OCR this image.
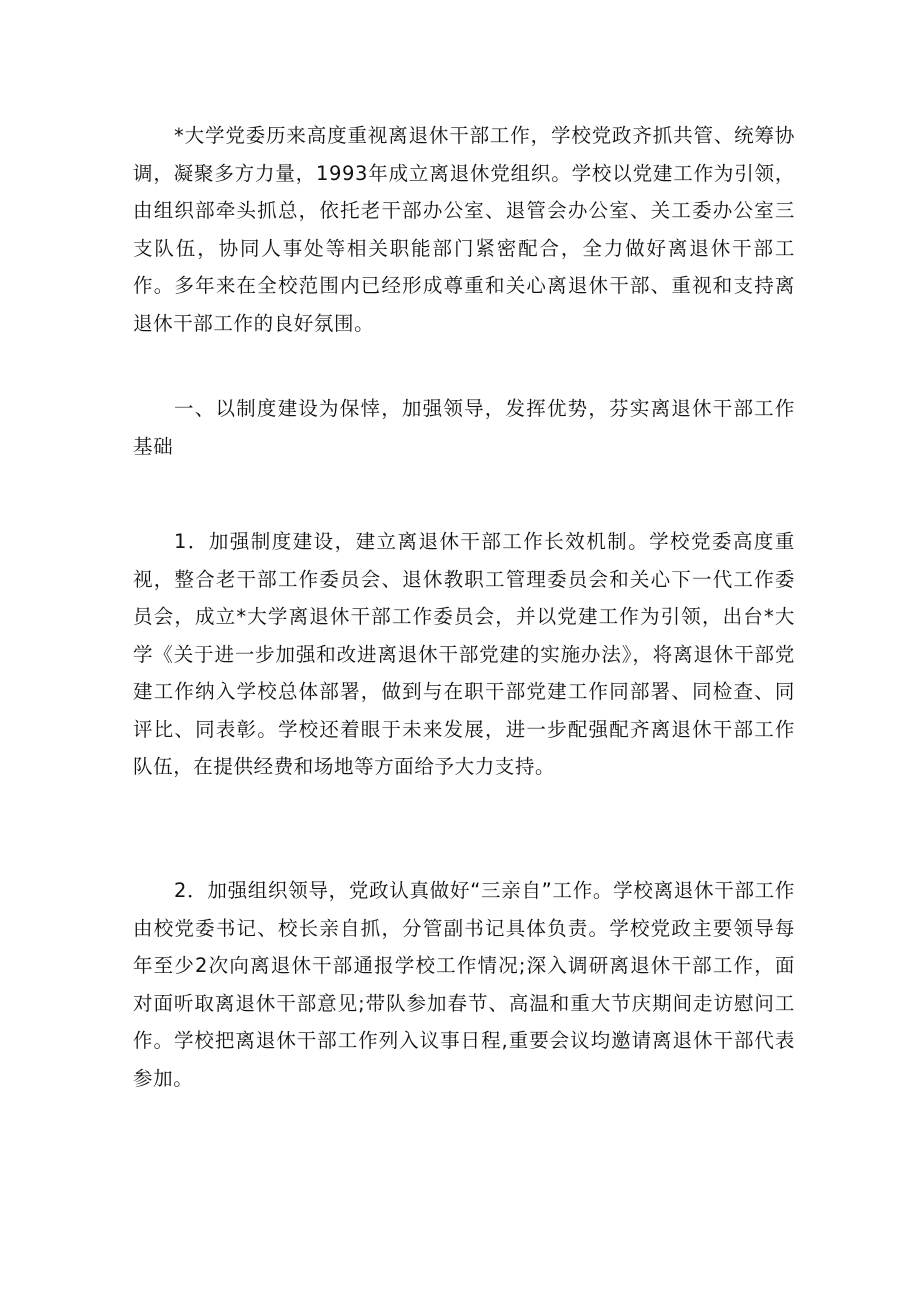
*大学党委历来高度重视离退休干部工作，学校党政齐抓共管、统筹协调，凝聚多方力量，1993年成立离退休党组织。学校以党建工作为引领，由组织部牵头抓总，依托老干部办公室、退管会办公室、关工委办公室三支队伍，协同人事处等相关职能部门紧密配合，全力做好离退休干部工作。多年来在全校范围内已经形成尊重和关心离退休干部、重视和支持离退休干部工作的良好氛围。

一、以制度建设为保悻，加强领导，发挥优势，芬实离退休干部工作基础

1．加强制度建设，建立离退休干部工作长效机制。学校党委高度重视，整合老干部工作委员会、退休教职工管理委员会和关心下一代工作委员会，成立*大学离退休干部工作委员会，并以党建工作为引领，出台*大学《关于进一步加强和改进离退休干部党建的实施办法》，将离退休干部党建工作纳入学校总体部署，做到与在职干部党建工作同部署、同检查、同评比、同表彰。学校还着眼于未来发展，进一步配强配齐离退休干部工作队伍，在提供经费和场地等方面给予大力支持。

2．加强组织领导，党政认真做好“三亲自”工作。学校离退休干部工作由校党委书记、校长亲自抓，分管副书记具体负责。学校党政主要领导每年至少2次向离退休干部通报学校工作情况;深入调研离退休干部工作，面对面听取离退休干部意见;带队参加春节、高温和重大节庆期间走访慰问工作。学校把离退休干部工作列入议事日程,重要会议均邀请离退休干部代表参加。
